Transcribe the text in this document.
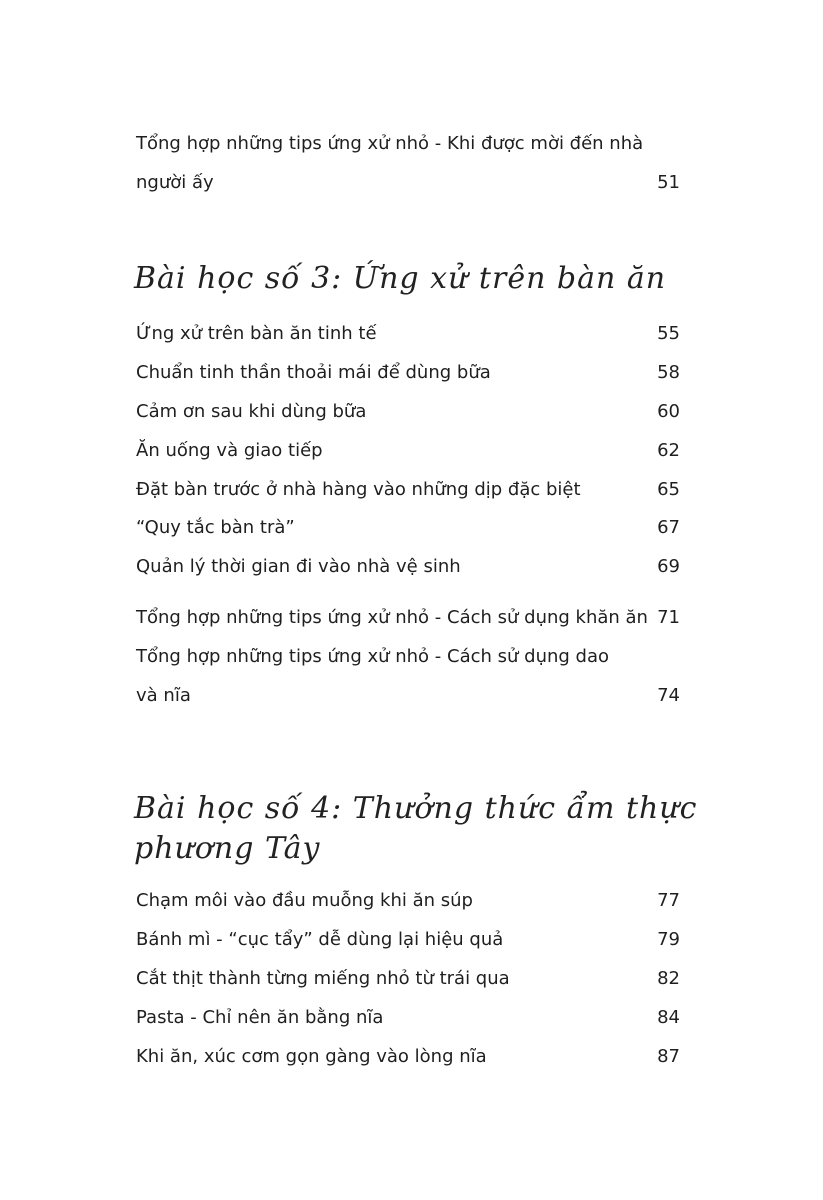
Tổng hợp những tips ứng xử nhỏ - Khi được mời đến nhà
người ấy	51
Bài học số 3: Ứng xử trên bàn ăn
Ứng xử trên bàn ăn tinh tế	55
Chuẩn tinh thần thoải mái để dùng bữa	58
Cảm ơn sau khi dùng bữa	60
Ăn uống và giao tiếp	62
Đặt bàn trước ở nhà hàng vào những dịp đặc biệt	65
“Quy tắc bàn trà”	67
Quản lý thời gian đi vào nhà vệ sinh	69
Tổng hợp những tips ứng xử nhỏ - Cách sử dụng khăn ăn 71
Tổng hợp những tips ứng xử nhỏ - Cách sử dụng dao
và nĩa	74
Bài học số 4: Thưởng thức ẩm thực
phương Tây
Chạm môi vào đầu muỗng khi ăn súp	77
Bánh mì - “cục tẩy” dễ dùng lại hiệu quả	79
Cắt thịt thành từng miếng nhỏ từ trái qua	82
Pasta - Chỉ nên ăn bằng nĩa	84
Khi ăn, xúc cơm gọn gàng vào lòng nĩa	87
